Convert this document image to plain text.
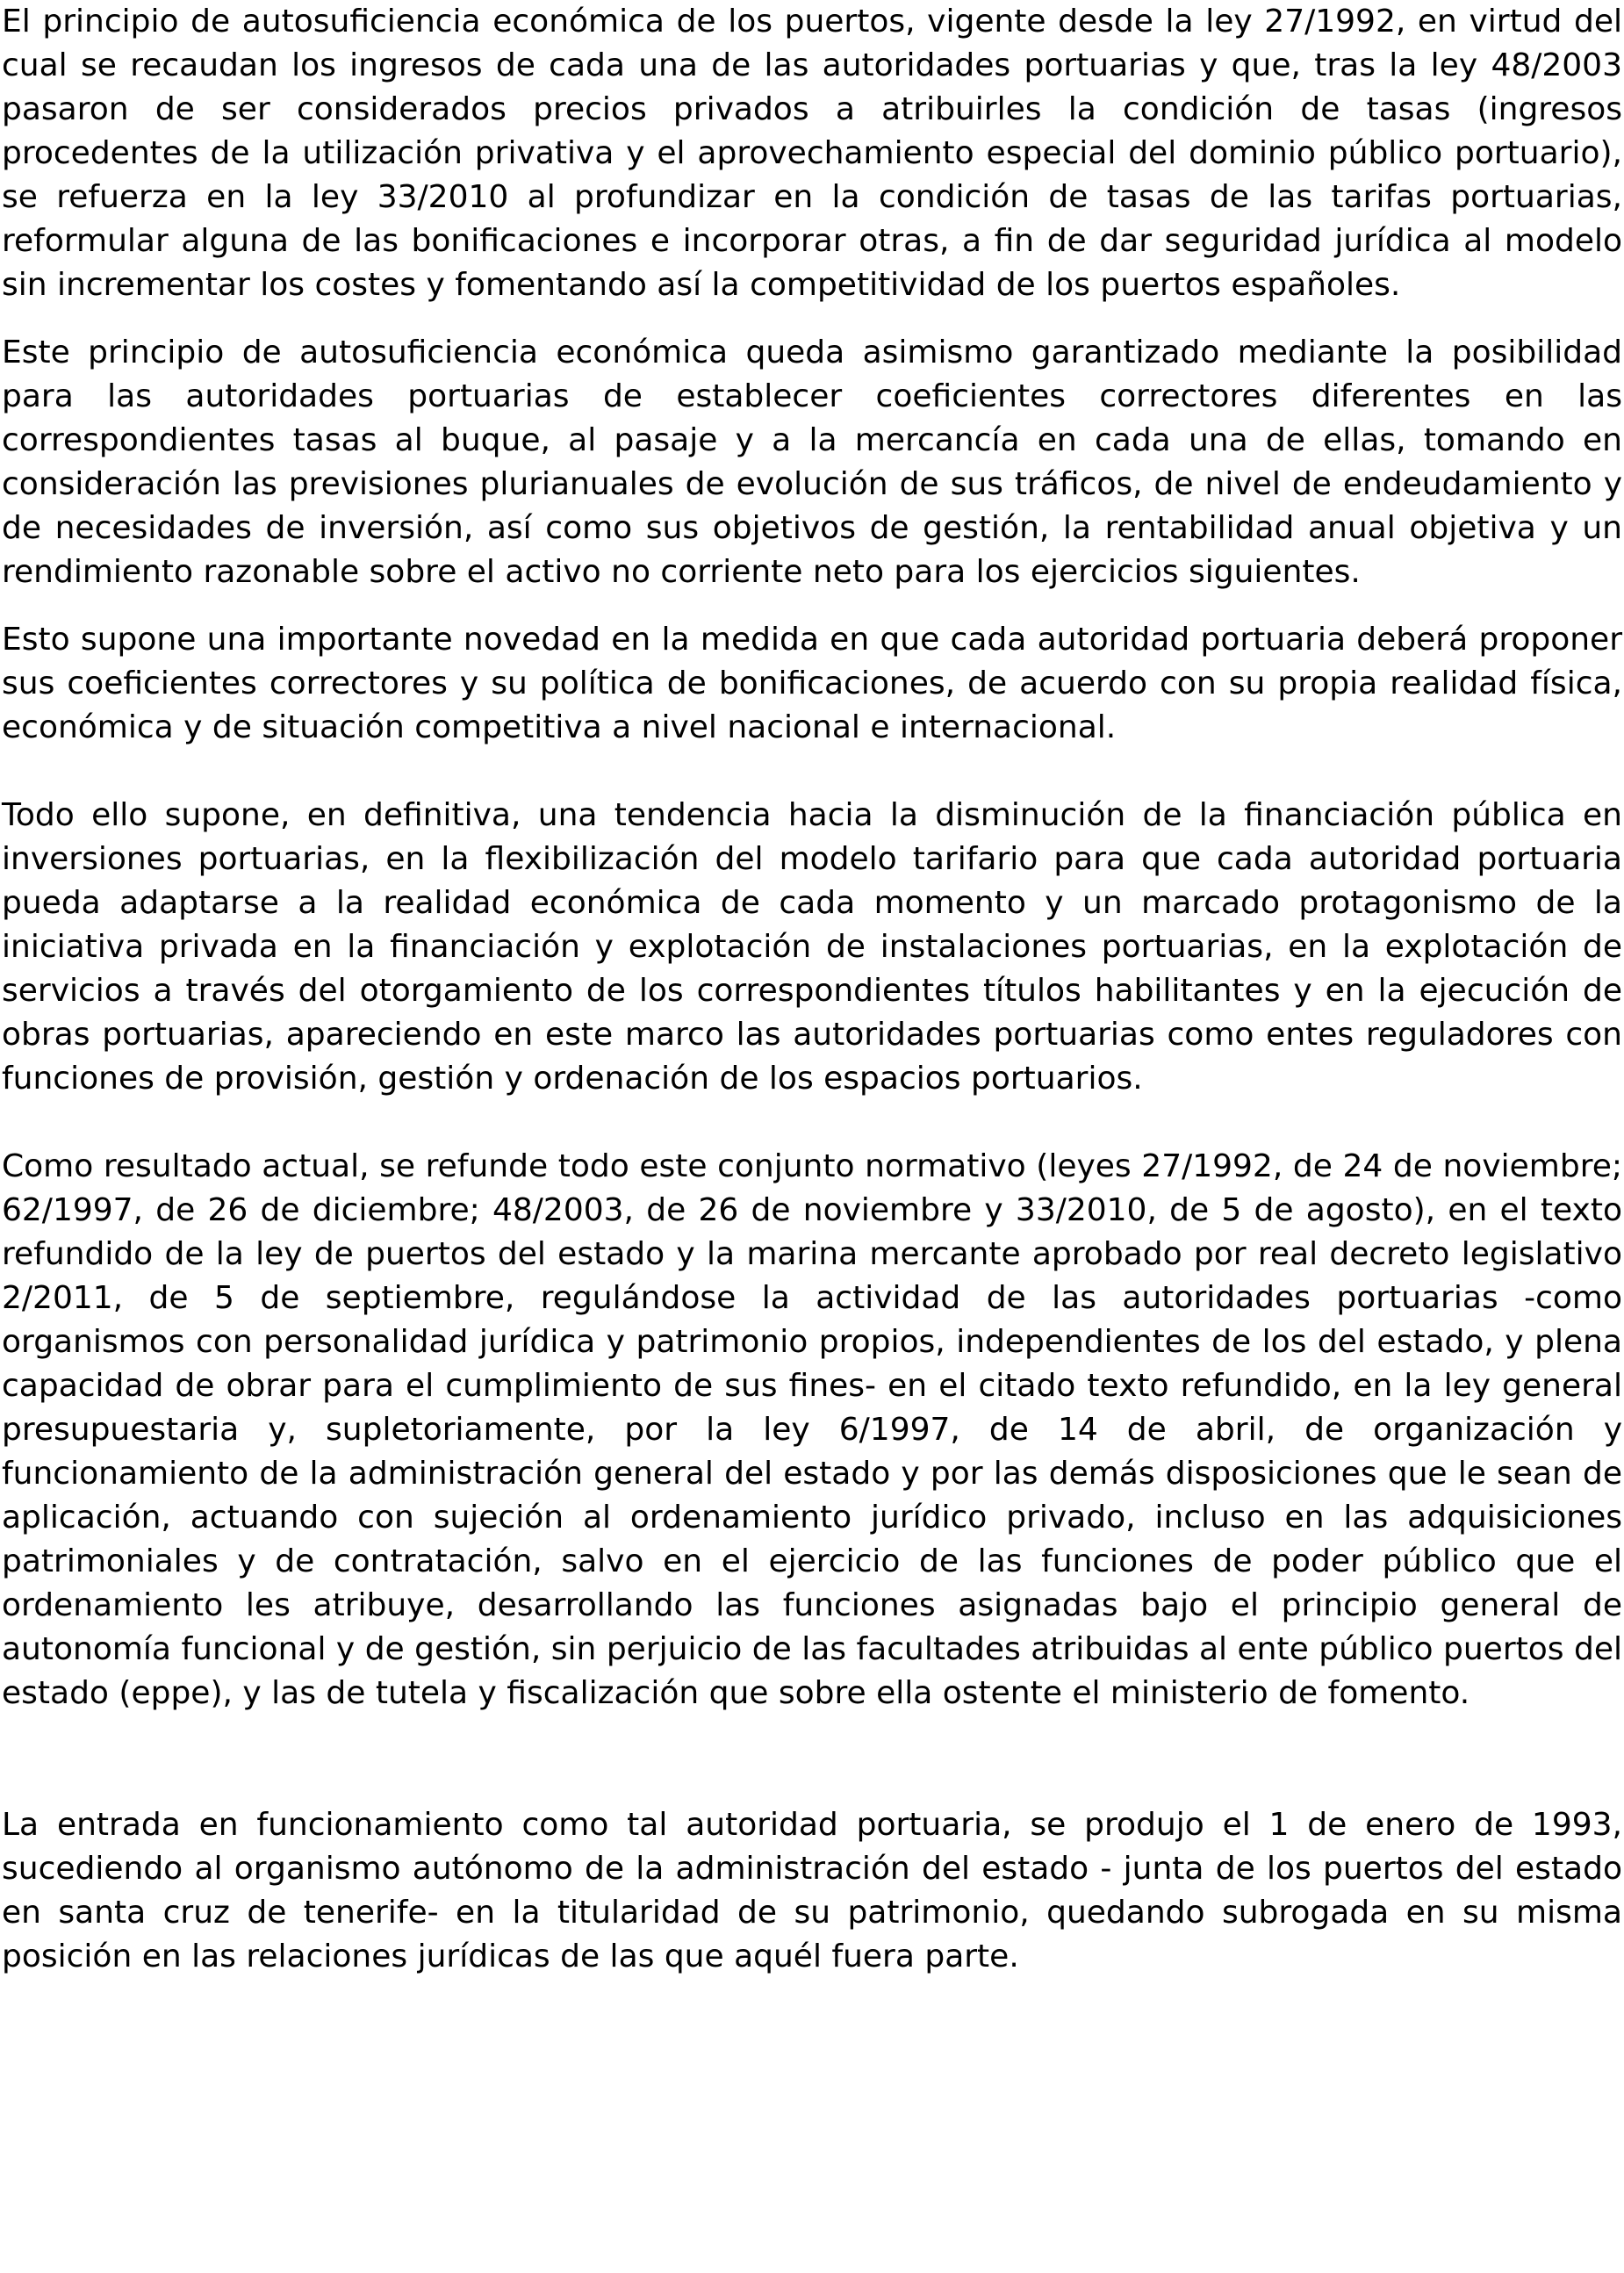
El principio de autosuficiencia económica de los puertos, vigente desde la ley 27/1992, en virtud del cual se recaudan los ingresos de cada una de las autoridades portuarias y que, tras la ley 48/2003 pasaron de ser considerados precios privados a atribuirles la condición de tasas (ingresos procedentes de la utilización privativa y el aprovechamiento especial del dominio público portuario), se refuerza en la ley 33/2010 al profundizar en la condición de tasas de las tarifas portuarias, reformular alguna de las bonificaciones e incorporar otras, a fin de dar seguridad jurídica al modelo sin incrementar los costes y fomentando así la competitividad de los puertos españoles.

Este principio de autosuficiencia económica queda asimismo garantizado mediante la posibilidad para las autoridades portuarias de establecer coeficientes correctores diferentes en las correspondientes tasas al buque, al pasaje y a la mercancía en cada una de ellas, tomando en consideración las previsiones plurianuales de evolución de sus tráficos, de nivel de endeudamiento y de necesidades de inversión, así como sus objetivos de gestión, la rentabilidad anual objetiva y un rendimiento razonable sobre el activo no corriente neto para los ejercicios siguientes.

Esto supone una importante novedad en la medida en que cada autoridad portuaria deberá proponer sus coeficientes correctores y su política de bonificaciones, de acuerdo con su propia realidad física, económica y de situación competitiva a nivel nacional e internacional.

Todo ello supone, en definitiva, una tendencia hacia la disminución de la financiación pública en inversiones portuarias, en la flexibilización del modelo tarifario para que cada autoridad portuaria pueda adaptarse a la realidad económica de cada momento y un marcado protagonismo de la iniciativa privada en la financiación y explotación de instalaciones portuarias, en la explotación de servicios a través del otorgamiento de los correspondientes títulos habilitantes y en la ejecución de obras portuarias, apareciendo en este marco las autoridades portuarias como entes reguladores con funciones de provisión, gestión y ordenación de los espacios portuarios.

Como resultado actual, se refunde todo este conjunto normativo (leyes 27/1992, de 24 de noviembre; 62/1997, de 26 de diciembre; 48/2003, de 26 de noviembre y 33/2010, de 5 de agosto), en el texto refundido de la ley de puertos del estado y la marina mercante aprobado por real decreto legislativo 2/2011, de 5 de septiembre, regulándose la actividad de las autoridades portuarias -como organismos con personalidad jurídica y patrimonio propios, independientes de los del estado, y plena capacidad de obrar para el cumplimiento de sus fines- en el citado texto refundido, en la ley general presupuestaria y, supletoriamente, por la ley 6/1997, de 14 de abril, de organización y funcionamiento de la administración general del estado y por las demás disposiciones que le sean de aplicación, actuando con sujeción al ordenamiento jurídico privado, incluso en las adquisiciones patrimoniales y de contratación, salvo en el ejercicio de las funciones de poder público que el ordenamiento les atribuye, desarrollando las funciones asignadas bajo el principio general de autonomía funcional y de gestión, sin perjuicio de las facultades atribuidas al ente público puertos del estado (eppe), y las de tutela y fiscalización que sobre ella ostente el ministerio de fomento.

La entrada en funcionamiento como tal autoridad portuaria, se produjo el 1 de enero de 1993, sucediendo al organismo autónomo de la administración del estado - junta de los puertos del estado en santa cruz de tenerife- en la titularidad de su patrimonio, quedando subrogada en su misma posición en las relaciones jurídicas de las que aquél fuera parte.
